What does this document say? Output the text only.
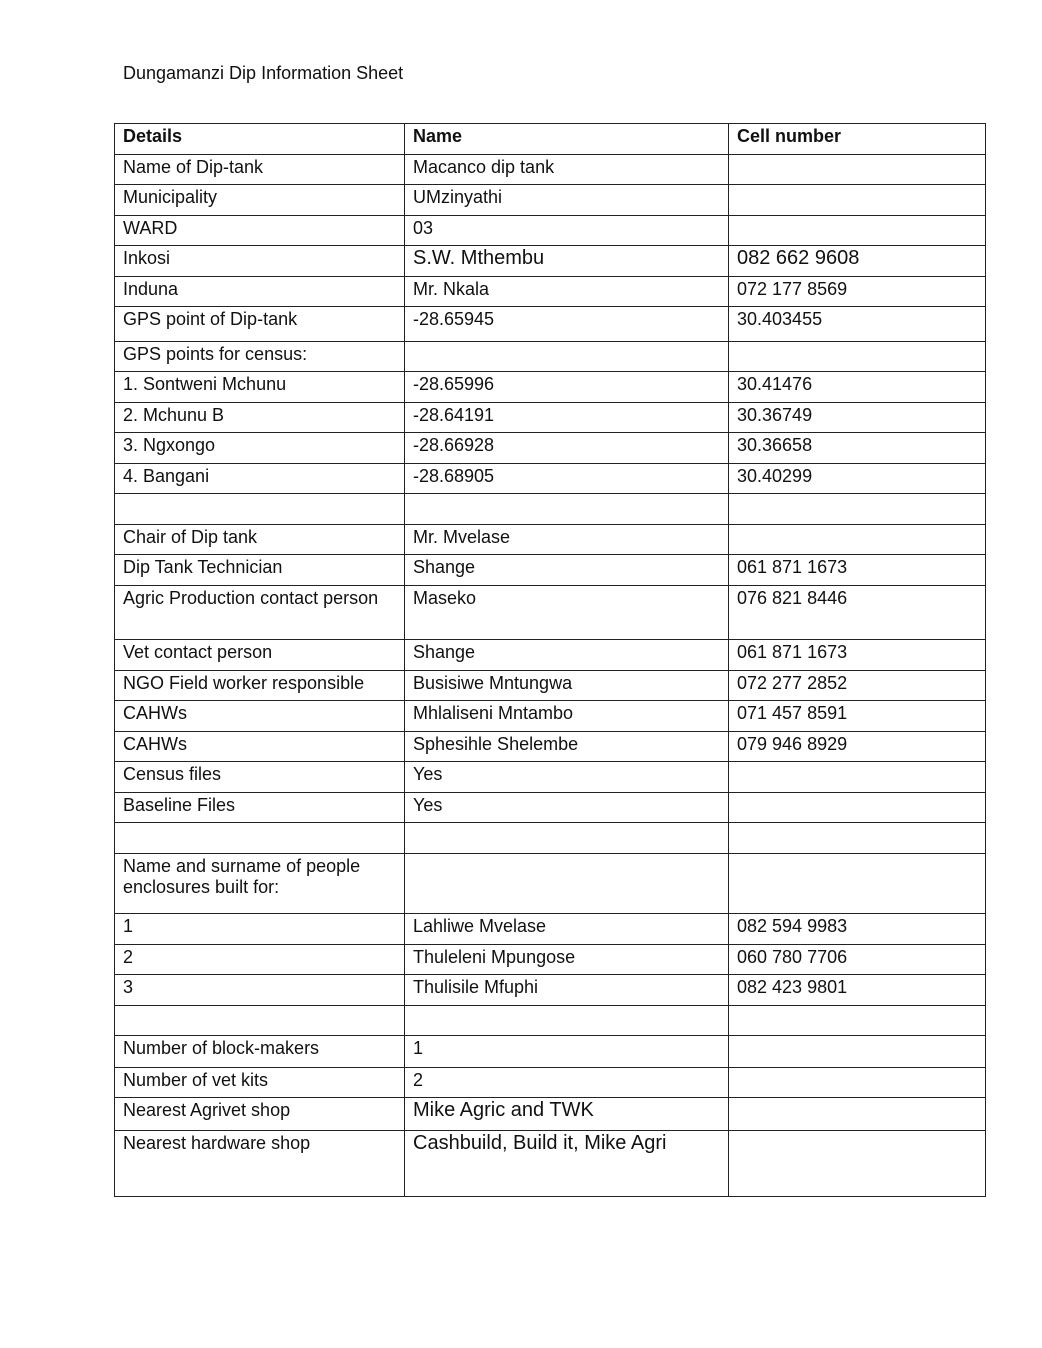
Dungamanzi Dip Information Sheet
Details	Name	Cell number
Name of Dip-tank	Macanco dip tank	
Municipality	UMzinyathi	
WARD	03	
Inkosi	S.W. Mthembu	082 662 9608
Induna	Mr. Nkala	072 177 8569
GPS point of Dip-tank	-28.65945	30.403455
GPS points for census:		
1. Sontweni Mchunu	-28.65996	30.41476
2. Mchunu B	-28.64191	30.36749
3. Ngxongo	-28.66928	30.36658
4. Bangani	-28.68905	30.40299

Chair of Dip tank	Mr. Mvelase	
Dip Tank Technician	Shange	061 871 1673
Agric Production contact person	Maseko	076 821 8446
Vet contact person	Shange	061 871 1673
NGO Field worker responsible	Busisiwe Mntungwa	072 277 2852
CAHWs	Mhlaliseni Mntambo	071 457 8591
CAHWs	Sphesihle Shelembe	079 946 8929
Census files	Yes	
Baseline Files	Yes	

Name and surname of people enclosures built for:		
1	Lahliwe Mvelase	082 594 9983
2	Thuleleni Mpungose	060 780 7706
3	Thulisile Mfuphi	082 423 9801

Number of block-makers	1	
Number of vet kits	2	
Nearest Agrivet shop	Mike Agric and TWK	
Nearest hardware shop	Cashbuild, Build it, Mike Agri	
